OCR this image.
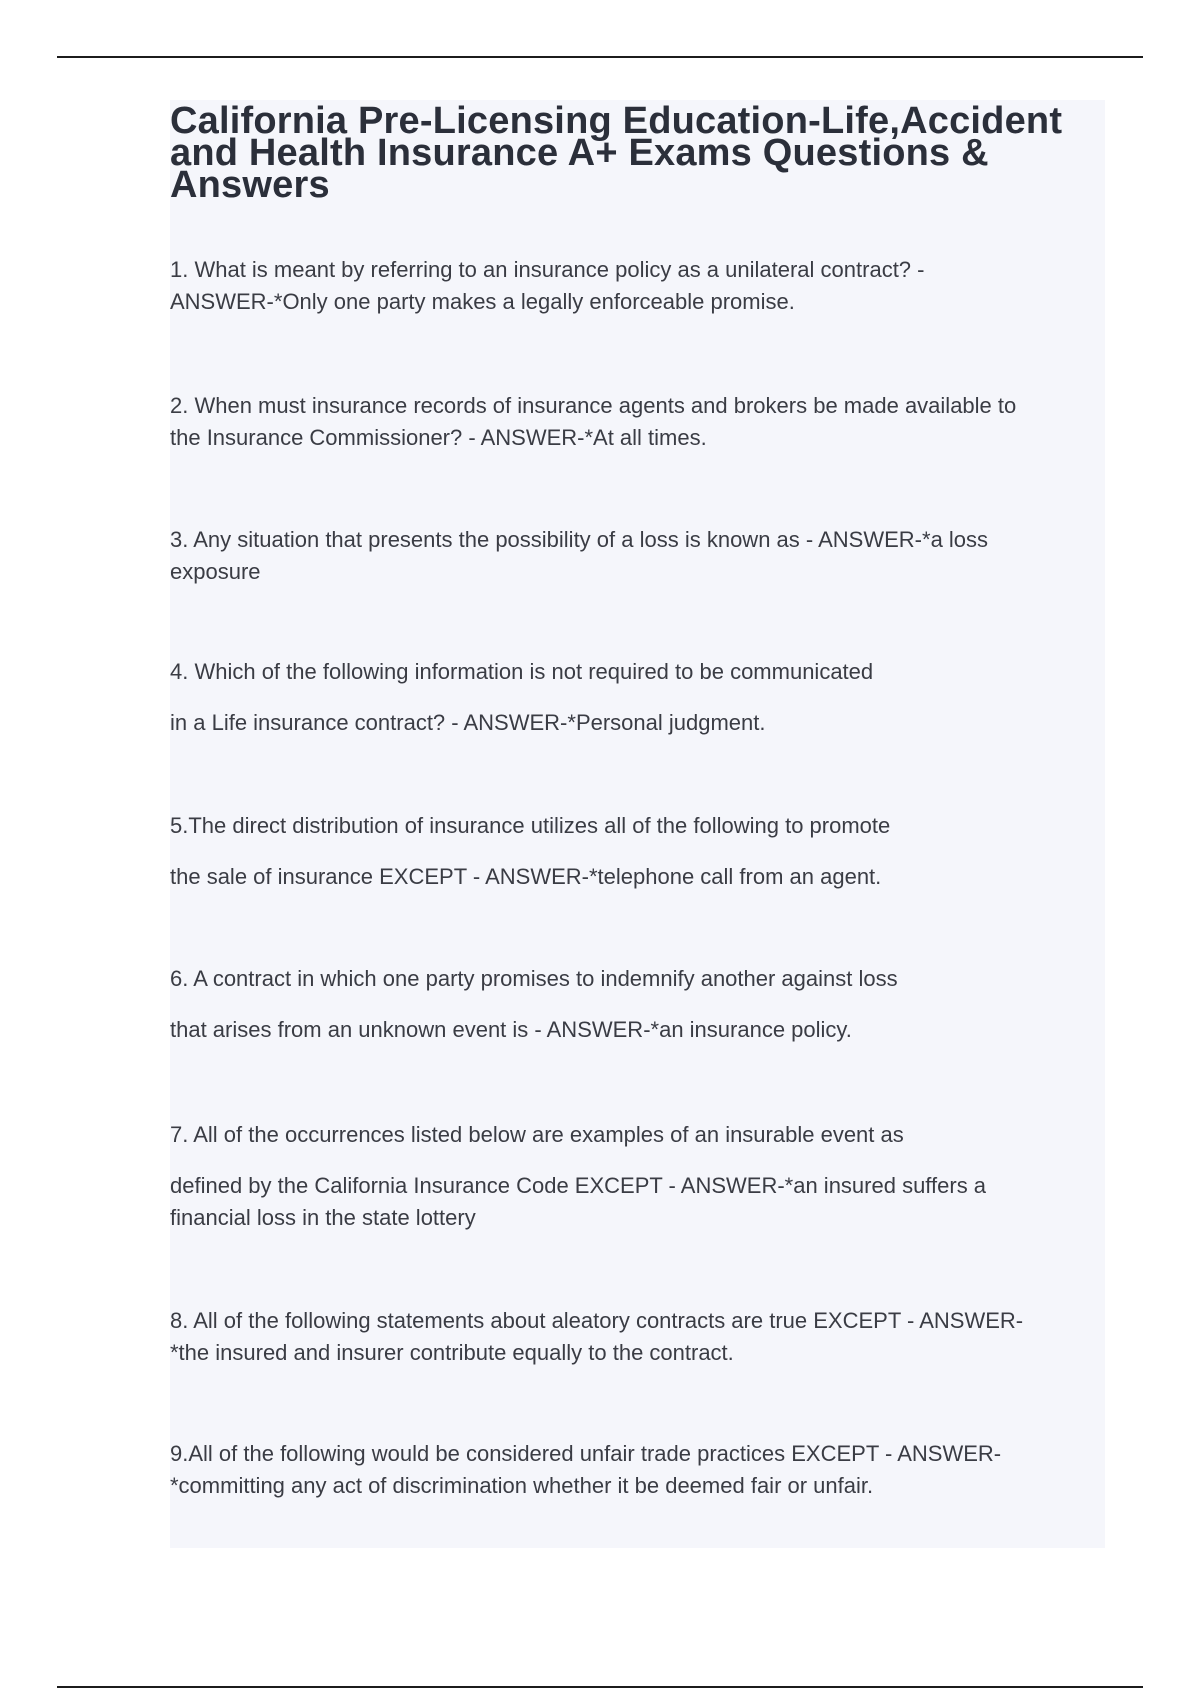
California Pre-Licensing Education-Life,Accident and Health Insurance A+ Exams Questions & Answers

1. What is meant by referring to an insurance policy as a unilateral contract? -
ANSWER-*Only one party makes a legally enforceable promise.

2. When must insurance records of insurance agents and brokers be made available to
the Insurance Commissioner? - ANSWER-*At all times.

3. Any situation that presents the possibility of a loss is known as - ANSWER-*a loss
exposure

4. Which of the following information is not required to be communicated
in a Life insurance contract? - ANSWER-*Personal judgment.

5.The direct distribution of insurance utilizes all of the following to promote
the sale of insurance EXCEPT - ANSWER-*telephone call from an agent.

6. A contract in which one party promises to indemnify another against loss
that arises from an unknown event is - ANSWER-*an insurance policy.

7. All of the occurrences listed below are examples of an insurable event as
defined by the California Insurance Code EXCEPT - ANSWER-*an insured suffers a
financial loss in the state lottery

8. All of the following statements about aleatory contracts are true EXCEPT - ANSWER-
*the insured and insurer contribute equally to the contract.

9.All of the following would be considered unfair trade practices EXCEPT - ANSWER-
*committing any act of discrimination whether it be deemed fair or unfair.
